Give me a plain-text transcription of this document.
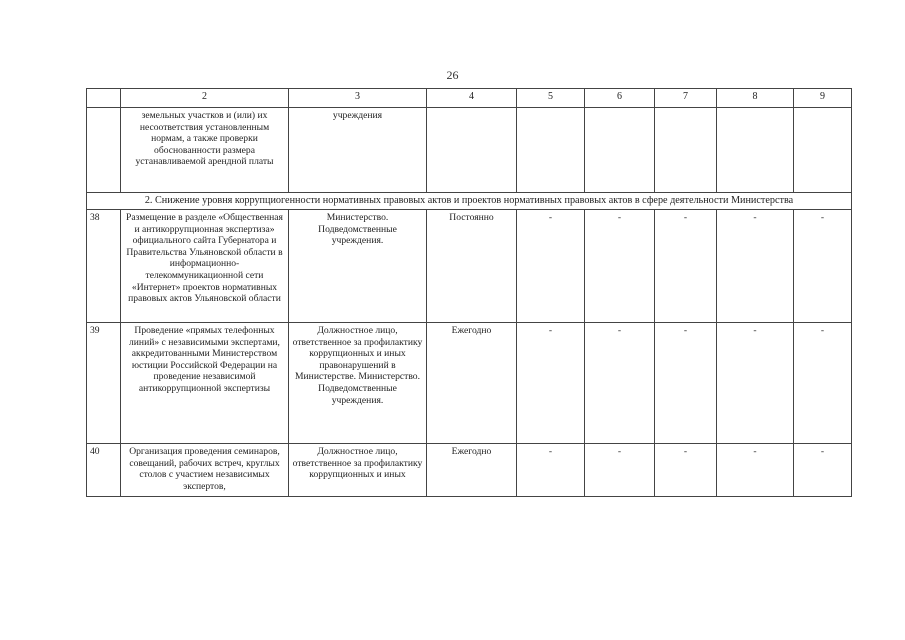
26
	2	3	4	5	6	7	8	9
	земельных участков и (или) их несоответствия установленным нормам, а также проверки обоснованности размера устанавливаемой арендной платы	учреждения						
2. Снижение уровня коррупциогенности нормативных правовых актов и проектов нормативных правовых актов в сфере деятельности Министерства								
38	Размещение в разделе «Общественная и антикоррупционная экспертиза» официального сайта Губернатора и Правительства Ульяновской области в информационно-телекоммуникационной сети «Интернет» проектов нормативных правовых актов Ульяновской области	Министерство. Подведомственные учреждения.	Постоянно	-	-	-	-	-
39	Проведение «прямых телефонных линий» с независимыми экспертами, аккредитованными Министерством юстиции Российской Федерации на проведение независимой антикоррупционной экспертизы	Должностное лицо, ответственное за профилактику коррупционных и иных правонарушений в Министерстве. Министерство. Подведомственные учреждения.	Ежегодно	-	-	-	-	-
40	Организация проведения семинаров, совещаний, рабочих встреч, круглых столов с участием независимых экспертов,	Должностное лицо, ответственное за профилактику коррупционных и иных	Ежегодно	-	-	-	-	-
